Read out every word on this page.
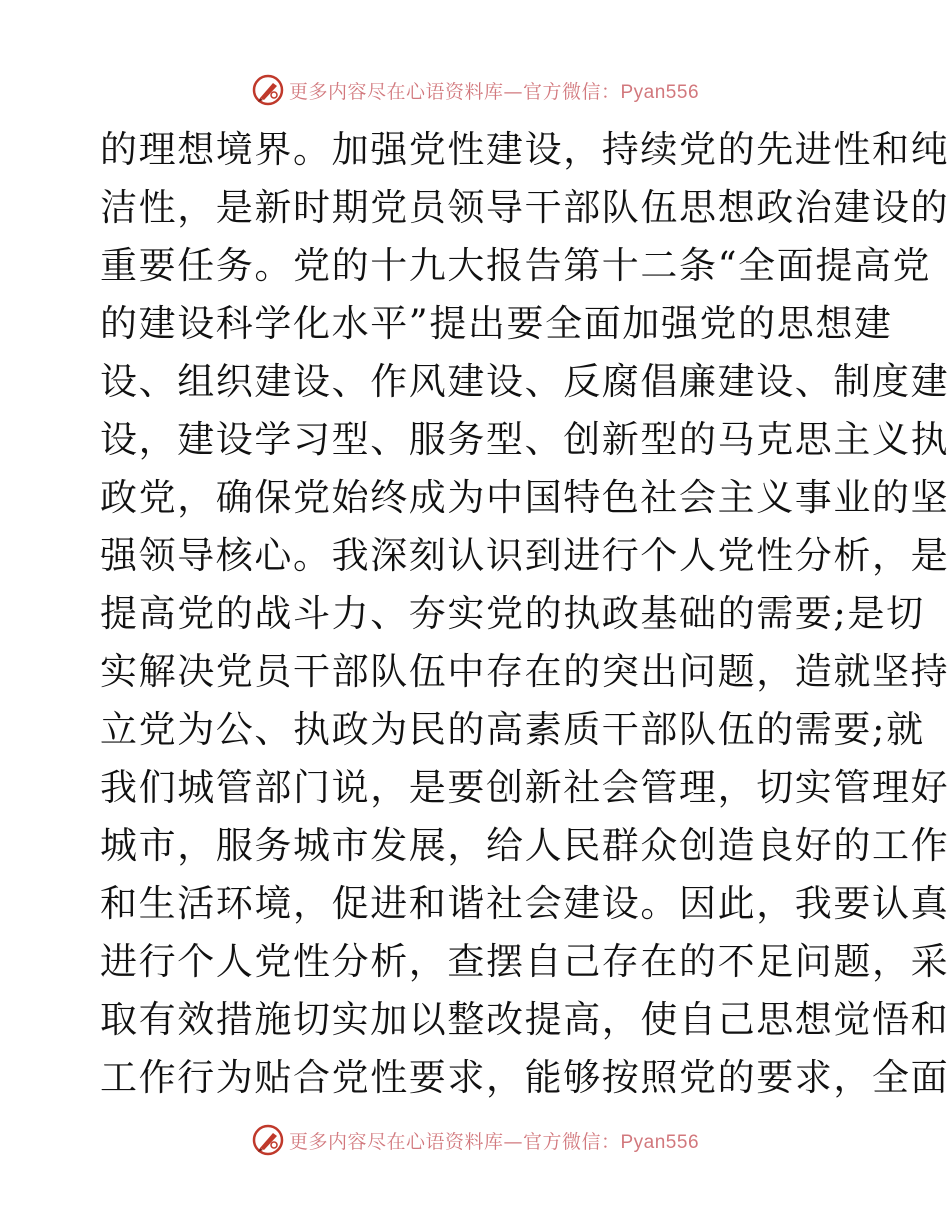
更多内容尽在心语资料库—官方微信：Pyan556
的理想境界。加强党性建设，持续党的先进性和纯
洁性，是新时期党员领导干部队伍思想政治建设的
重要任务。党的十九大报告第十二条“全面提高党
的建设科学化水平”提出要全面加强党的思想建
设、组织建设、作风建设、反腐倡廉建设、制度建
设，建设学习型、服务型、创新型的马克思主义执
政党，确保党始终成为中国特色社会主义事业的坚
强领导核心。我深刻认识到进行个人党性分析，是
提高党的战斗力、夯实党的执政基础的需要;是切
实解决党员干部队伍中存在的突出问题，造就坚持
立党为公、执政为民的高素质干部队伍的需要;就
我们城管部门说，是要创新社会管理，切实管理好
城市，服务城市发展，给人民群众创造良好的工作
和生活环境，促进和谐社会建设。因此，我要认真
进行个人党性分析，查摆自己存在的不足问题，采
取有效措施切实加以整改提高，使自己思想觉悟和
工作行为贴合党性要求，能够按照党的要求，全面
更多内容尽在心语资料库—官方微信：Pyan556
